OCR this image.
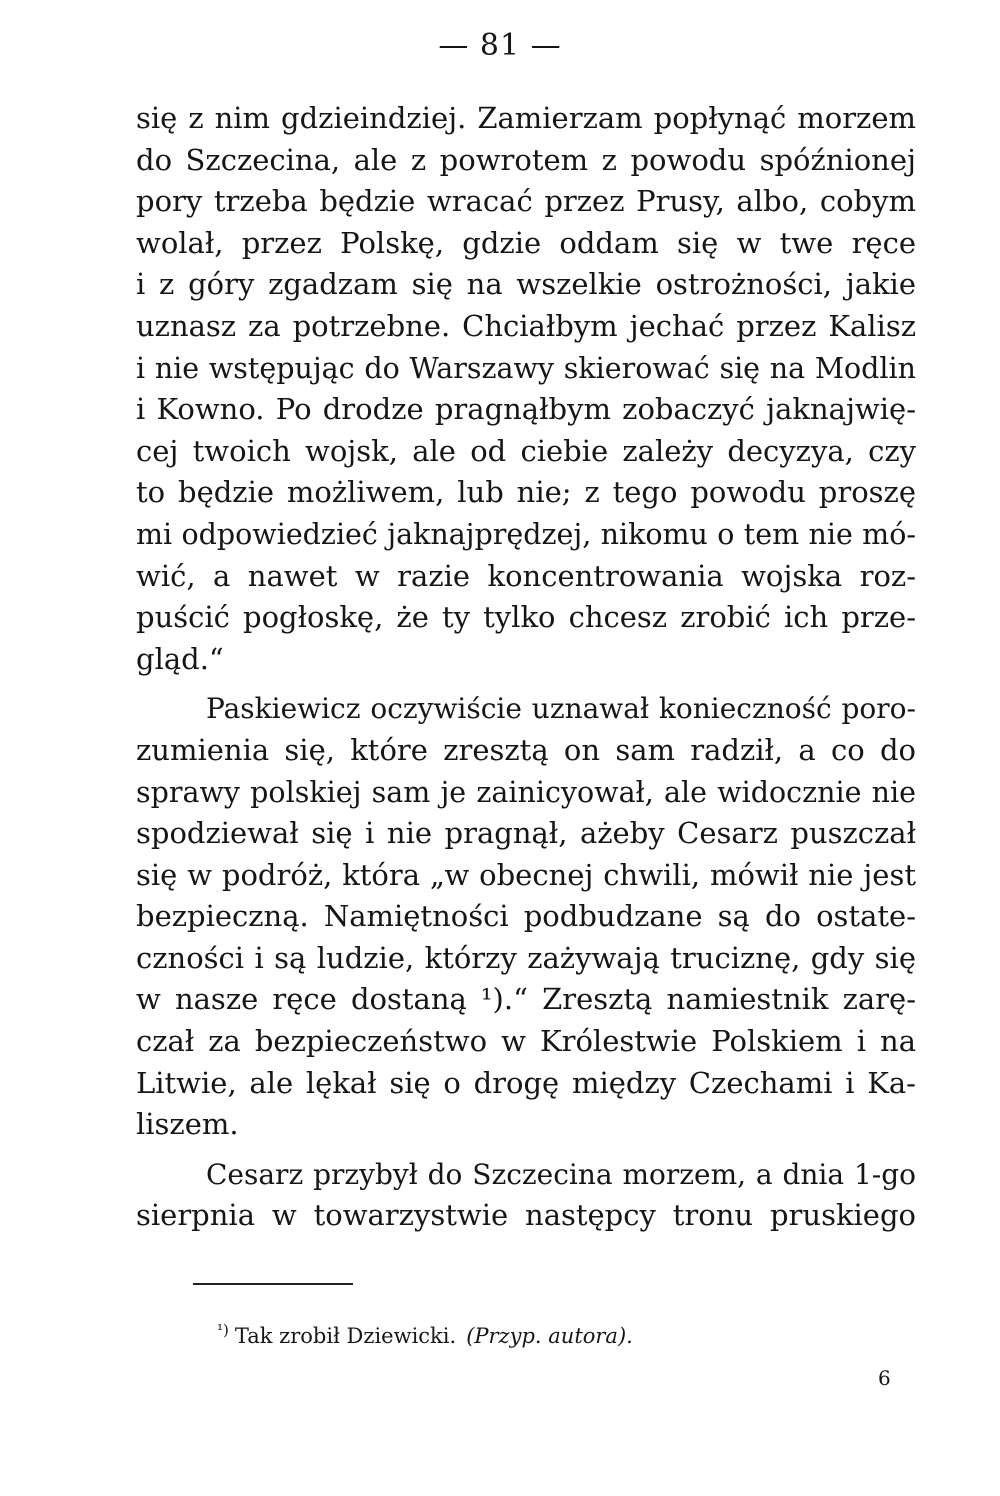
— 81 —
się z nim gdzieindziej. Zamierzam popłynąć morzem
do Szczecina, ale z powrotem z powodu spóźnionej
pory trzeba będzie wracać przez Prusy, albo, cobym
wolał, przez Polskę, gdzie oddam się w twe ręce
i z góry zgadzam się na wszelkie ostrożności, jakie
uznasz za potrzebne. Chciałbym jechać przez Kalisz
i nie wstępując do Warszawy skierować się na Modlin
i Kowno. Po drodze pragnąłbym zobaczyć jaknajwię-
cej twoich wojsk, ale od ciebie zależy decyzya, czy
to będzie możliwem, lub nie; z tego powodu proszę
mi odpowiedzieć jaknajprędzej, nikomu o tem nie mó-
wić, a nawet w razie koncentrowania wojska roz-
puścić pogłoskę, że ty tylko chcesz zrobić ich prze-
gląd.“
Paskiewicz oczywiście uznawał konieczność poro-
zumienia się, które zresztą on sam radził, a co do
sprawy polskiej sam je zainicyował, ale widocznie nie
spodziewał się i nie pragnął, ażeby Cesarz puszczał
się w podróż, która „w obecnej chwili, mówił nie jest
bezpieczną. Namiętności podbudzane są do ostate-
czności i są ludzie, którzy zażywają truciznę, gdy się
w nasze ręce dostaną ¹).“ Zresztą namiestnik zarę-
czał za bezpieczeństwo w Królestwie Polskiem i na
Litwie, ale lękał się o drogę między Czechami i Ka-
liszem.
Cesarz przybył do Szczecina morzem, a dnia 1-go
sierpnia w towarzystwie następcy tronu pruskiego
$^{^1)}$ Tak zrobił Dziewicki. (Przyp. autora).
6
